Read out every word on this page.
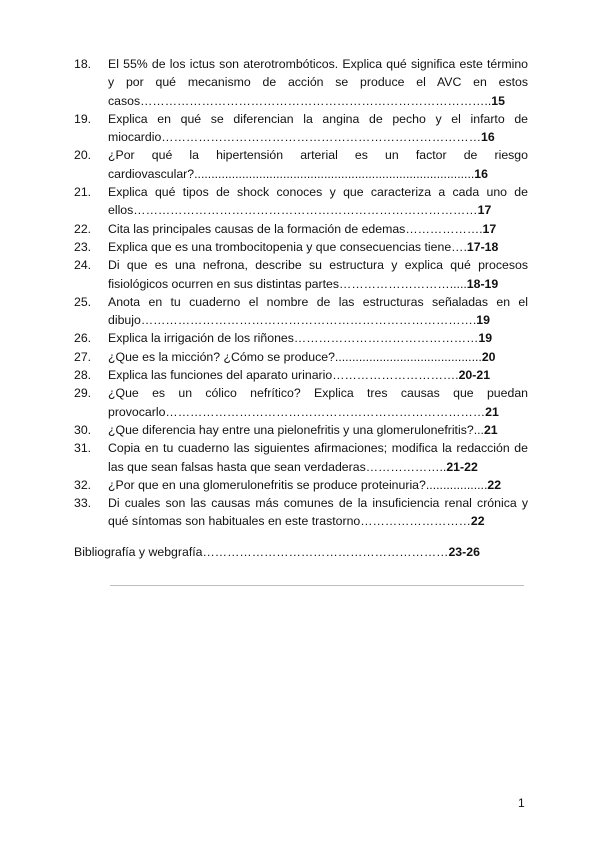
18. El 55% de los ictus son aterotrombóticos. Explica qué significa este término y por qué mecanismo de acción se produce el AVC en estos casos…………………………………………………………………………..15
19. Explica en qué se diferencian la angina de pecho y el infarto de miocardio……………………………………………………………………16
20. ¿Por qué la hipertensión arterial es un factor de riesgo cardiovascular?..................................................................................16
21. Explica qué tipos de shock conoces y que caracteriza a cada uno de ellos…………………………………………………………………………17
22. Cita las principales causas de la formación de edemas……………….17
23. Explica que es una trombocitopenia y que consecuencias tiene….17-18
24. Di que es una nefrona, describe su estructura y explica qué procesos fisiológicos ocurren en sus distintas partes……………………….....18-19
25. Anota en tu cuaderno el nombre de las estructuras señaladas en el dibujo……………………………………………………………………….19
26. Explica la irrigación de los riñones………………………………………19
27. ¿Que es la micción? ¿Cómo se produce?...........................................20
28. Explica las funciones del aparato urinario………………………….20-21
29. ¿Que es un cólico nefrítico? Explica tres causas que puedan provocarlo……………………………………………………………………21
30. ¿Que diferencia hay entre una pielonefritis y una glomerulonefritis?...21
31. Copia en tu cuaderno las siguientes afirmaciones; modifica la redacción de las que sean falsas hasta que sean verdaderas………………..21-22
32. ¿Por que en una glomerulonefritis se produce proteinuria?..................22
33. Di cuales son las causas más comunes de la insuficiencia renal crónica y qué síntomas son habituales en este trastorno………………………22
Bibliografía y webgrafía……………………………………………………23-26
1
